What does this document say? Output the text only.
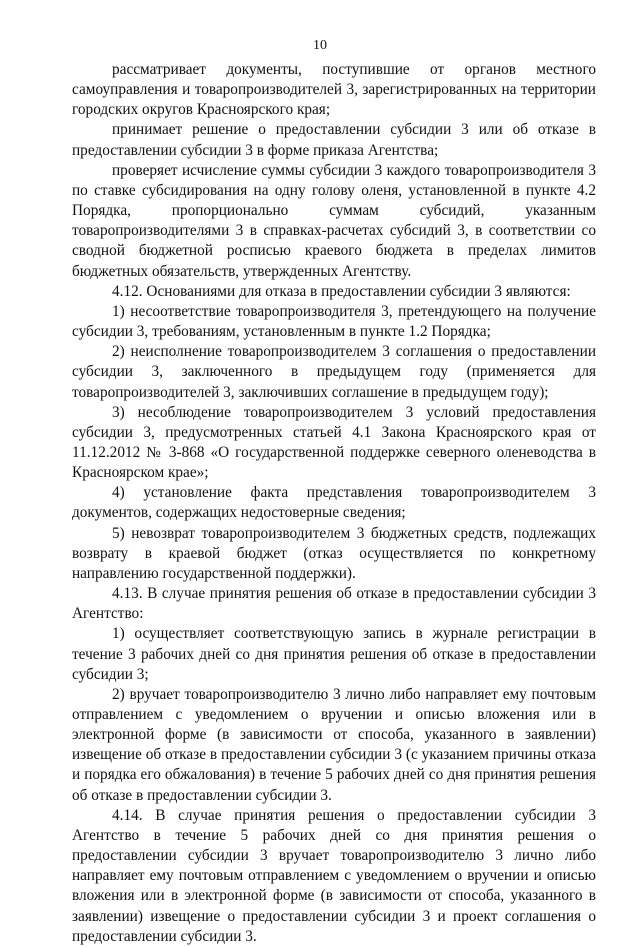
10

рассматривает документы, поступившие от органов местного самоуправления и товаропроизводителей 3, зарегистрированных на территории городских округов Красноярского края;

принимает решение о предоставлении субсидии 3 или об отказе в предоставлении субсидии 3 в форме приказа Агентства;

проверяет исчисление суммы субсидии 3 каждого товаропроизводителя 3 по ставке субсидирования на одну голову оленя, установленной в пункте 4.2 Порядка, пропорционально суммам субсидий, указанным товаропроизводителями 3 в справках-расчетах субсидий 3, в соответствии со сводной бюджетной росписью краевого бюджета в пределах лимитов бюджетных обязательств, утвержденных Агентству.

4.12. Основаниями для отказа в предоставлении субсидии 3 являются:

1) несоответствие товаропроизводителя 3, претендующего на получение субсидии 3, требованиям, установленным в пункте 1.2 Порядка;

2) неисполнение товаропроизводителем 3 соглашения о предоставлении субсидии 3, заключенного в предыдущем году (применяется для товаропроизводителей 3, заключивших соглашение в предыдущем году);

3) несоблюдение товаропроизводителем 3 условий предоставления субсидии 3, предусмотренных статьей 4.1 Закона Красноярского края от 11.12.2012 № 3-868 «О государственной поддержке северного оленеводства в Красноярском крае»;

4) установление факта представления товаропроизводителем 3 документов, содержащих недостоверные сведения;

5) невозврат товаропроизводителем 3 бюджетных средств, подлежащих возврату в краевой бюджет (отказ осуществляется по конкретному направлению государственной поддержки).

4.13. В случае принятия решения об отказе в предоставлении субсидии 3 Агентство:

1) осуществляет соответствующую запись в журнале регистрации в течение 3 рабочих дней со дня принятия решения об отказе в предоставлении субсидии 3;

2) вручает товаропроизводителю 3 лично либо направляет ему почтовым отправлением с уведомлением о вручении и описью вложения или в электронной форме (в зависимости от способа, указанного в заявлении) извещение об отказе в предоставлении субсидии 3 (с указанием причины отказа и порядка его обжалования) в течение 5 рабочих дней со дня принятия решения об отказе в предоставлении субсидии 3.

4.14. В случае принятия решения о предоставлении субсидии 3 Агентство в течение 5 рабочих дней со дня принятия решения о предоставлении субсидии 3 вручает товаропроизводителю 3 лично либо направляет ему почтовым отправлением с уведомлением о вручении и описью вложения или в электронной форме (в зависимости от способа, указанного в заявлении) извещение о предоставлении субсидии 3 и проект соглашения о предоставлении субсидии 3.
